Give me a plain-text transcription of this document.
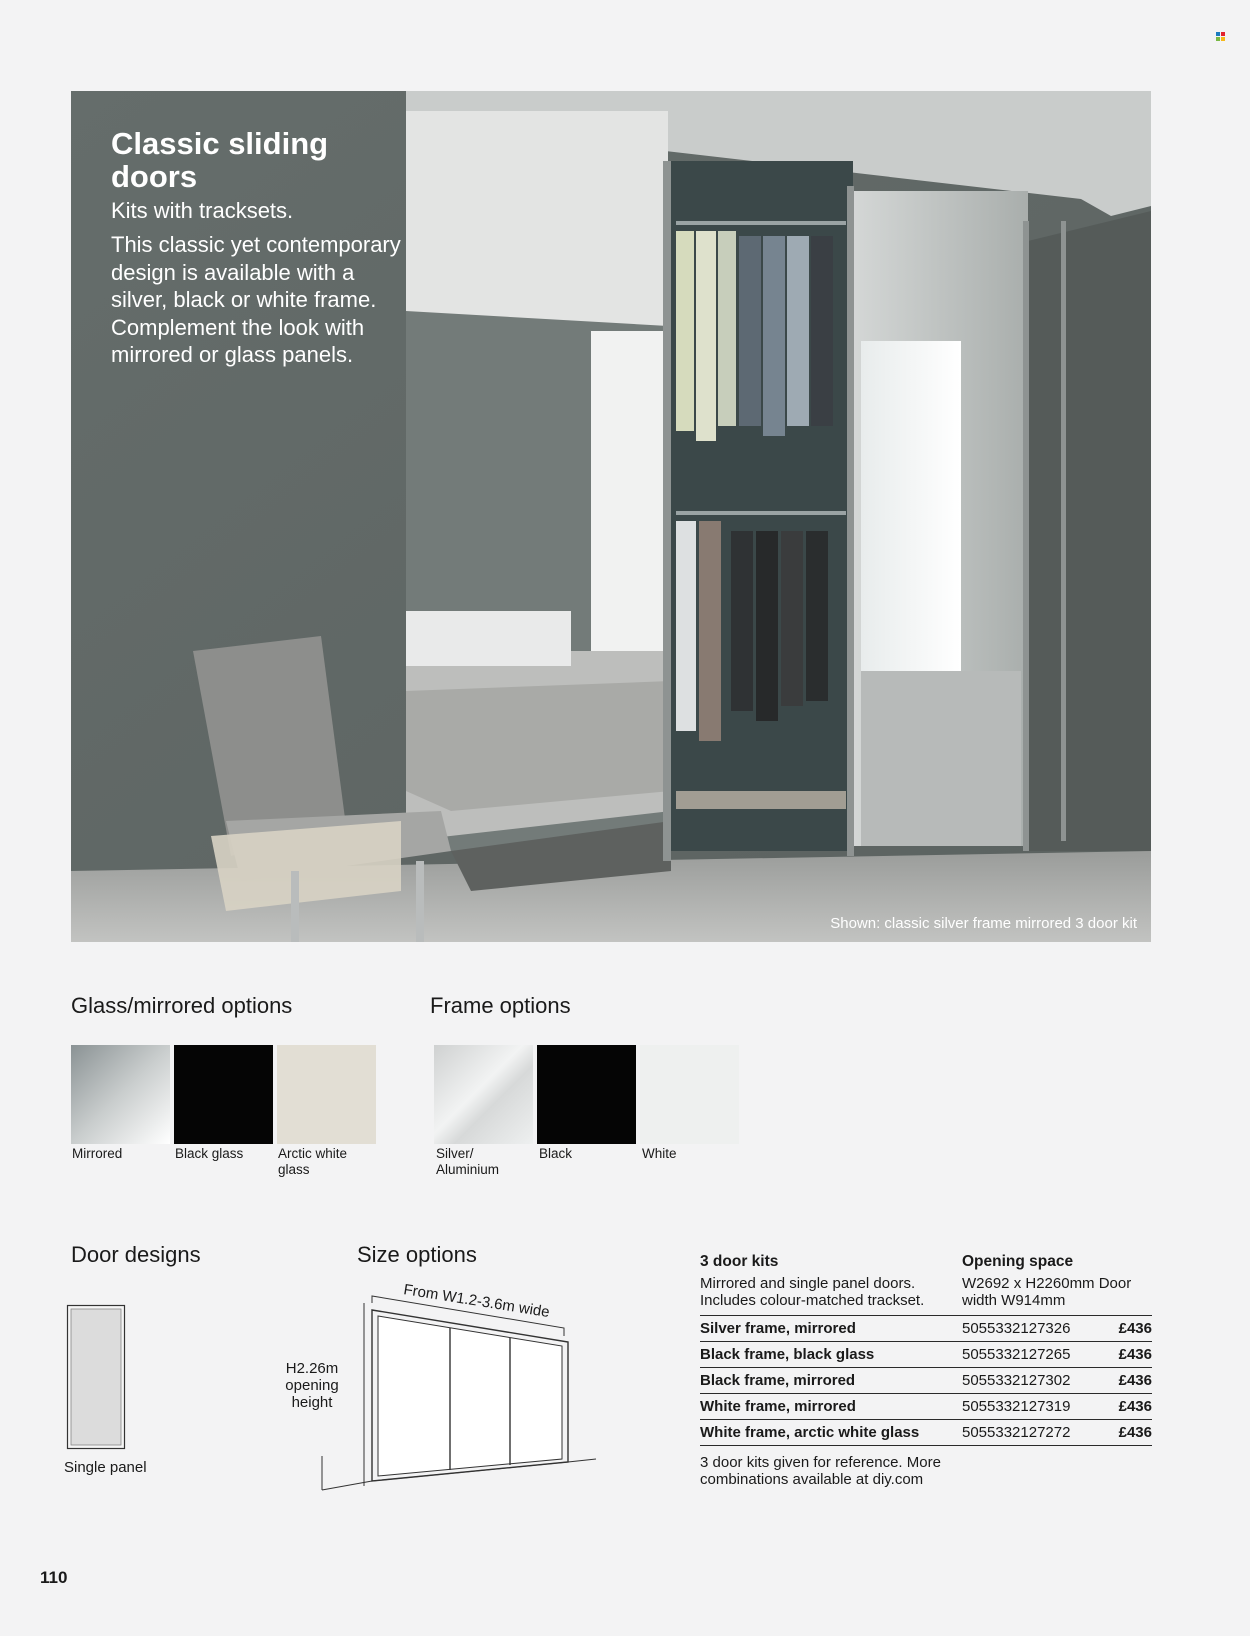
Classic sliding doors

Kits with tracksets.

This classic yet contemporary design is available with a silver, black or white frame. Complement the look with mirrored or glass panels.

Shown: classic silver frame mirrored 3 door kit

Glass/mirrored options
Mirrored	Black glass	Arctic white glass
Frame options
Silver/ Aluminium
Black	White
Door designs
Single panel
Size options
From W1.2-3.6m wide
H2.26m opening height
3 door kits
Mirrored and single panel doors. Includes colour-matched trackset.
Opening space
W2692 x H2260mm Door width W914mm
Silver frame, mirrored	5055332127326	£436
Black frame, black glass	5055332127265	£436
Black frame, mirrored	5055332127302	£436
White frame, mirrored	5055332127319	£436
White frame, arctic white glass	5055332127272	£436
3 door kits given for reference. More combinations available at diy.com
110
